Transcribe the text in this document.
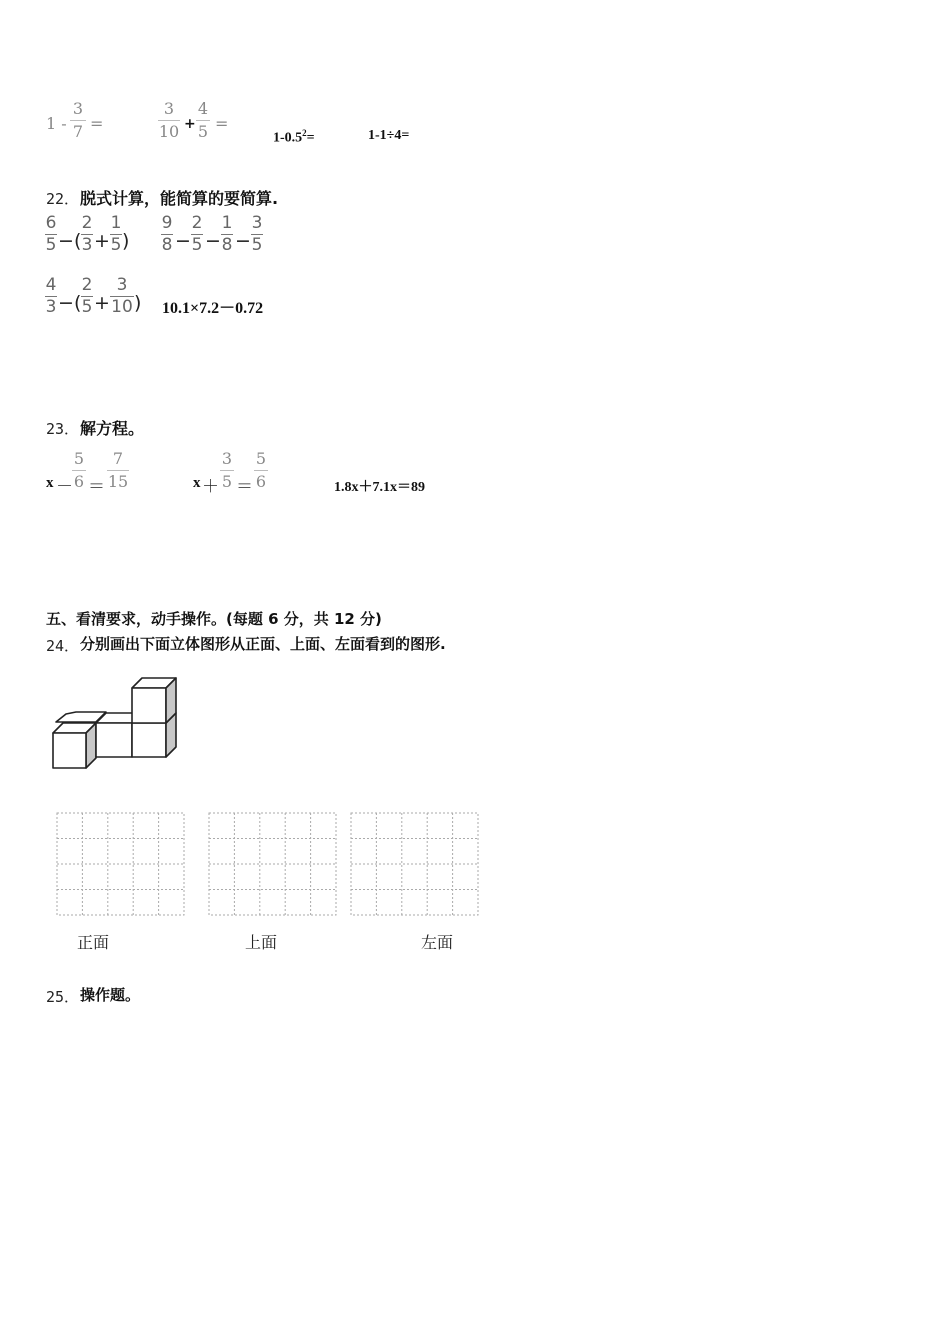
1 -
3
7 =
3
10 +
4
5 =
$1-0.5^2=$	1-1÷4=
22． 脱式计算，能简算的要简算.
6
5 − (
2
3 +
1
5 )
9
8 −
2
5 −
1
8 −
3
5
4
3 − (
2
5 +
3
10 ) 10.1×7.2－0.72
23． 解方程。
x －
5
6 ＝
7
15	x ＋
3
5 ＝
5
6	1.8x＋7.1x＝89
五、看清要求，动手操作。(每题 6 分，共 12 分)
24． 分别画出下面立体图形从正面、上面、左面看到的图形.
正面	上面	左面
25． 操作题。
